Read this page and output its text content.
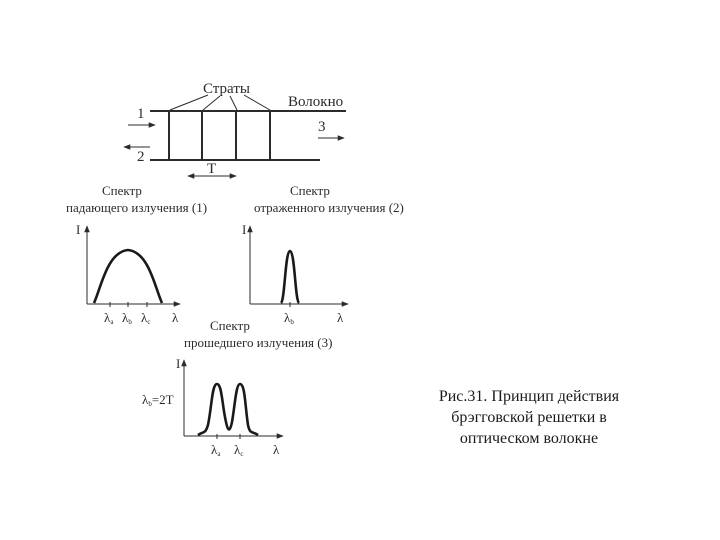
Страты
Волокно
1
2
3
Т
Спектр
падающего излучения (1)
I
λa λb λc λ
Спектр
отраженного излучения (2)
I
λb	λ
Спектр
прошедшего излучения (3)
I
λa λc λ
λb=2T	Рис.31. Принцип действия
брэгговской решетки в
оптическом волокне
